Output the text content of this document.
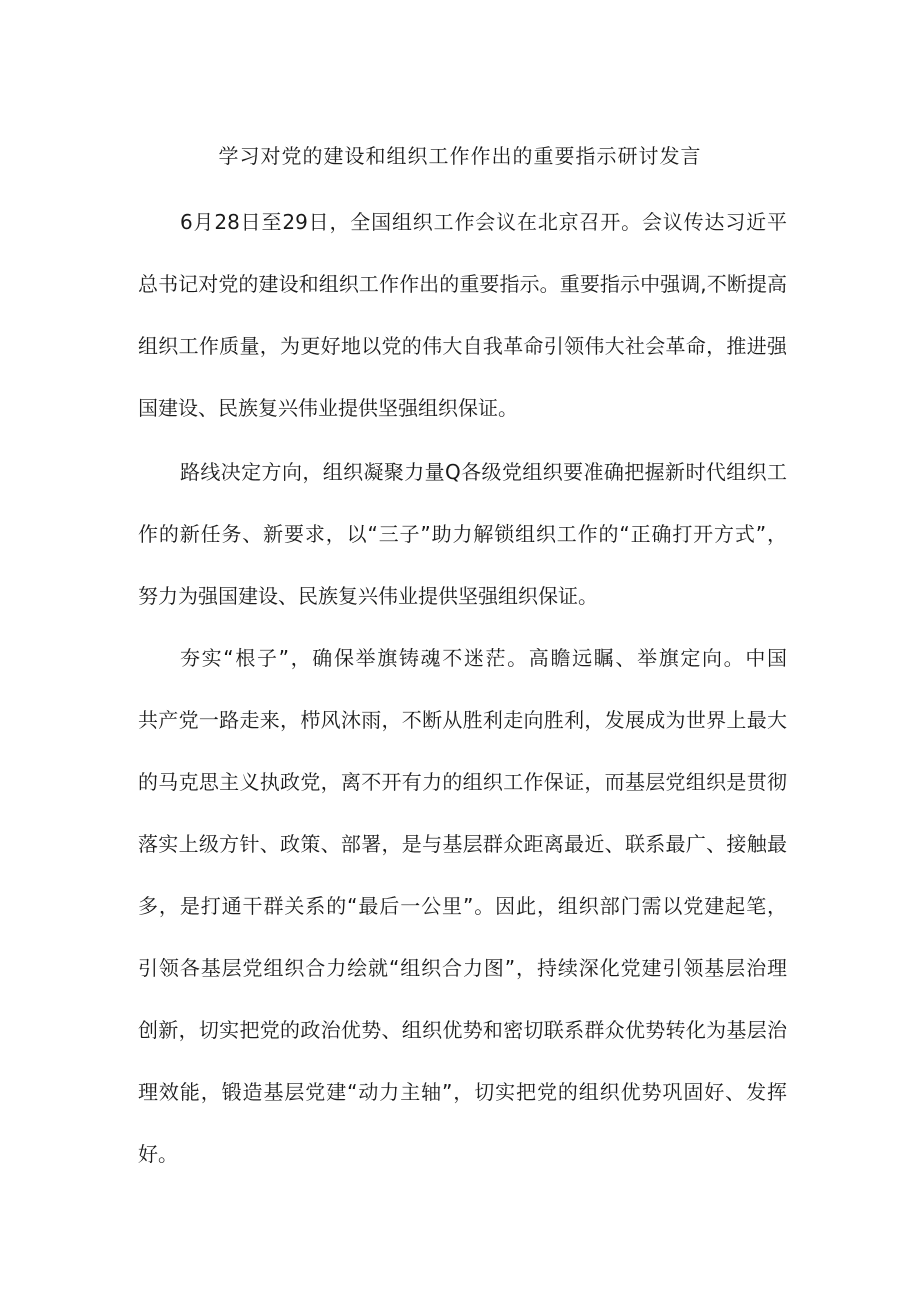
学习对党的建设和组织工作作出的重要指示研讨发言
6月28日至29日，全国组织工作会议在北京召开。会议传达习近平
总书记对党的建设和组织工作作出的重要指示。重要指示中强调,不断提高
组织工作质量，为更好地以党的伟大自我革命引领伟大社会革命，推进强
国建设、民族复兴伟业提供坚强组织保证。
路线决定方向，组织凝聚力量Q各级党组织要准确把握新时代组织工
作的新任务、新要求，以“三子”助力解锁组织工作的“正确打开方式”，
努力为强国建设、民族复兴伟业提供坚强组织保证。
夯实“根子”，确保举旗铸魂不迷茫。高瞻远瞩、举旗定向。中国
共产党一路走来，栉风沐雨，不断从胜利走向胜利，发展成为世界上最大
的马克思主义执政党，离不开有力的组织工作保证，而基层党组织是贯彻
落实上级方针、政策、部署，是与基层群众距离最近、联系最广、接触最
多，是打通干群关系的“最后一公里”。因此，组织部门需以党建起笔，
引领各基层党组织合力绘就“组织合力图”，持续深化党建引领基层治理
创新，切实把党的政治优势、组织优势和密切联系群众优势转化为基层治
理效能，锻造基层党建“动力主轴”，切实把党的组织优势巩固好、发挥
好。
